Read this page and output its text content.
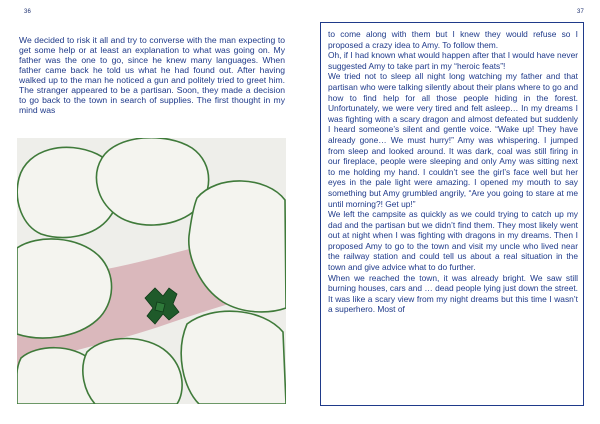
36

We decided to risk it all and try to converse with the man expecting to get some help or at least an explanation to what was going on. My father was the one to go, since he knew many languages. When father came back he told us what he had found out. After having walked up to the man he noticed a gun and politely tried to greet him. The stranger appeared to be a partisan. Soon, they made a decision to go back to the town in search of supplies. The first thought in my mind was

37

to come along with them but I knew they would refuse so I proposed a crazy idea to Amy. To follow them.

Oh, if I had known what would happen after that I would have never suggested Amy to take part in my “heroic feats”!

We tried not to sleep all night long watching my father and that partisan who were talking silently about their plans where to go and how to find help for all those people hiding in the forest. Unfortunately, we were very tired and felt asleep… In my dreams I was fighting with a scary dragon and almost defeated but suddenly I heard someone’s silent and gentle voice. “Wake up! They have already gone… We must hurry!” Amy was whispering. I jumped from sleep and looked around. It was dark, coal was still firing in our fireplace, people were sleeping and only Amy was sitting next to me holding my hand. I couldn’t see the girl’s face well but her eyes in the pale light were amazing. I opened my mouth to say something but Amy grumbled angrily, “Are you going to stare at me until morning?! Get up!”

We left the campsite as quickly as we could trying to catch up my dad and the partisan but we didn’t find them. They most likely went out at night when I was fighting with dragons in my dreams. Then I proposed Amy to go to the town and visit my uncle who lived near the railway station and could tell us about a real situation in the town and give advice what to do further.

When we reached the town, it was already bright. We saw still burning houses, cars and … dead people lying just down the street. It was like a scary view from my night dreams but this time I wasn’t a superhero. Most of
